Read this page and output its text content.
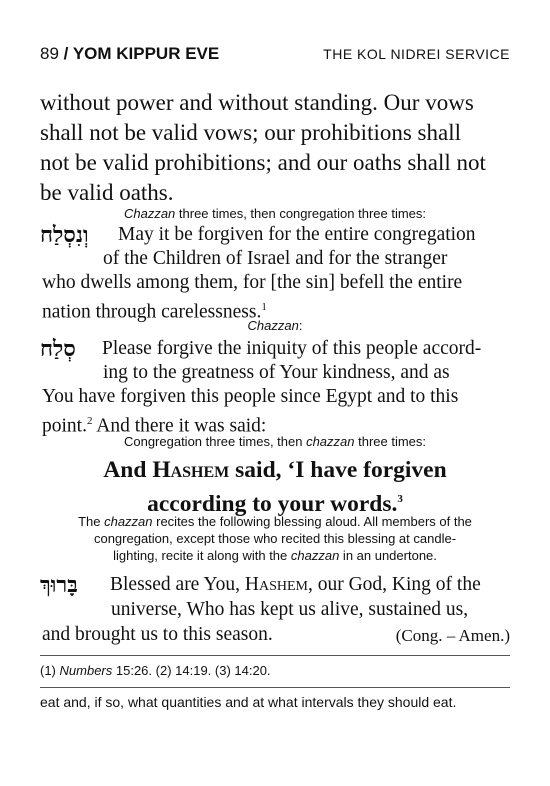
89 / YOM KIPPUR EVE	THE KOL NIDREI SERVICE
without power and without standing. Our vows
shall not be valid vows; our prohibitions shall
not be valid prohibitions; and our oaths shall not
be valid oaths.
Chazzan three times, then congregation three times:
וְנִסְלַח May it be forgiven for the entire congregation
of the Children of Israel and for the stranger
who dwells among them, for [the sin] befell the entire
nation through carelessness.$^1$
Chazzan:
סְלַח Please forgive the iniquity of this people accord-
ing to the greatness of Your kindness, and as
You have forgiven this people since Egypt and to this
point.$^2$ And there it was said:
Congregation three times, then chazzan three times:
And Hashem said, ‘I have forgiven
according to your words.$^3$
The chazzan recites the following blessing aloud. All members of the
congregation, except those who recited this blessing at candle-
lighting, recite it along with the chazzan in an undertone.
בָּרוּךְ Blessed are You, Hashem, our God, King of the
universe, Who has kept us alive, sustained us,
and brought us to this season.	(Cong. – Amen.)
(1) Numbers 15:26. (2) 14:19. (3) 14:20.
eat and, if so, what quantities and at what intervals they should eat.
